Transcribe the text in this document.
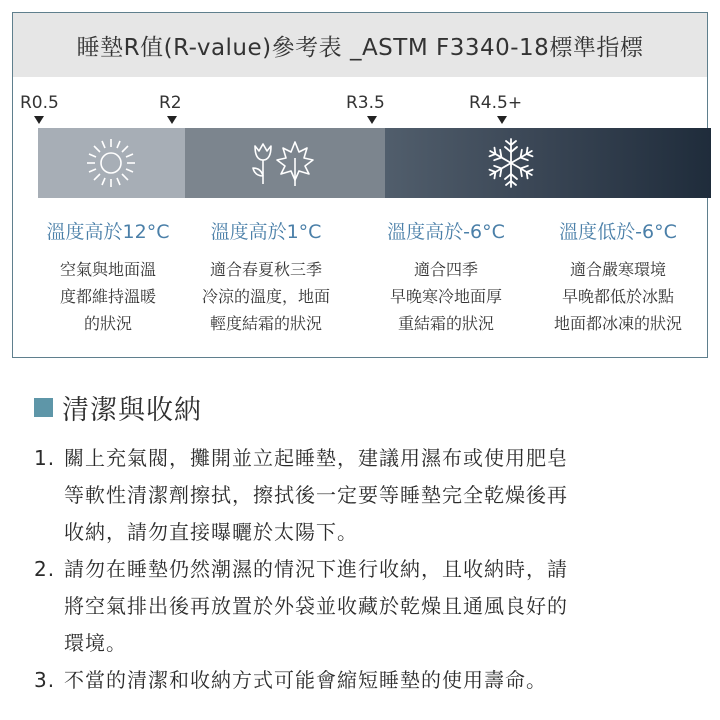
睡墊R值(R-value)參考表 _ASTM F3340-18標準指標
R0.5	R2	R3.5	R4.5+
溫度高於12°C
空氣與地面溫
度都維持溫暖
的狀況
溫度高於1°C
適合春夏秋三季
冷涼的溫度，地面
輕度結霜的狀況
溫度高於-6°C
適合四季
早晚寒冷地面厚
重結霜的狀況
溫度低於-6°C
適合嚴寒環境
早晚都低於冰點
地面都冰凍的狀況
清潔與收納
1. 關上充氣閥，攤開並立起睡墊，建議用濕布或使用肥皂
等軟性清潔劑擦拭，擦拭後一定要等睡墊完全乾燥後再
收納，請勿直接曝曬於太陽下。
2. 請勿在睡墊仍然潮濕的情況下進行收納，且收納時，請
將空氣排出後再放置於外袋並收藏於乾燥且通風良好的
環境。
3. 不當的清潔和收納方式可能會縮短睡墊的使用壽命。
